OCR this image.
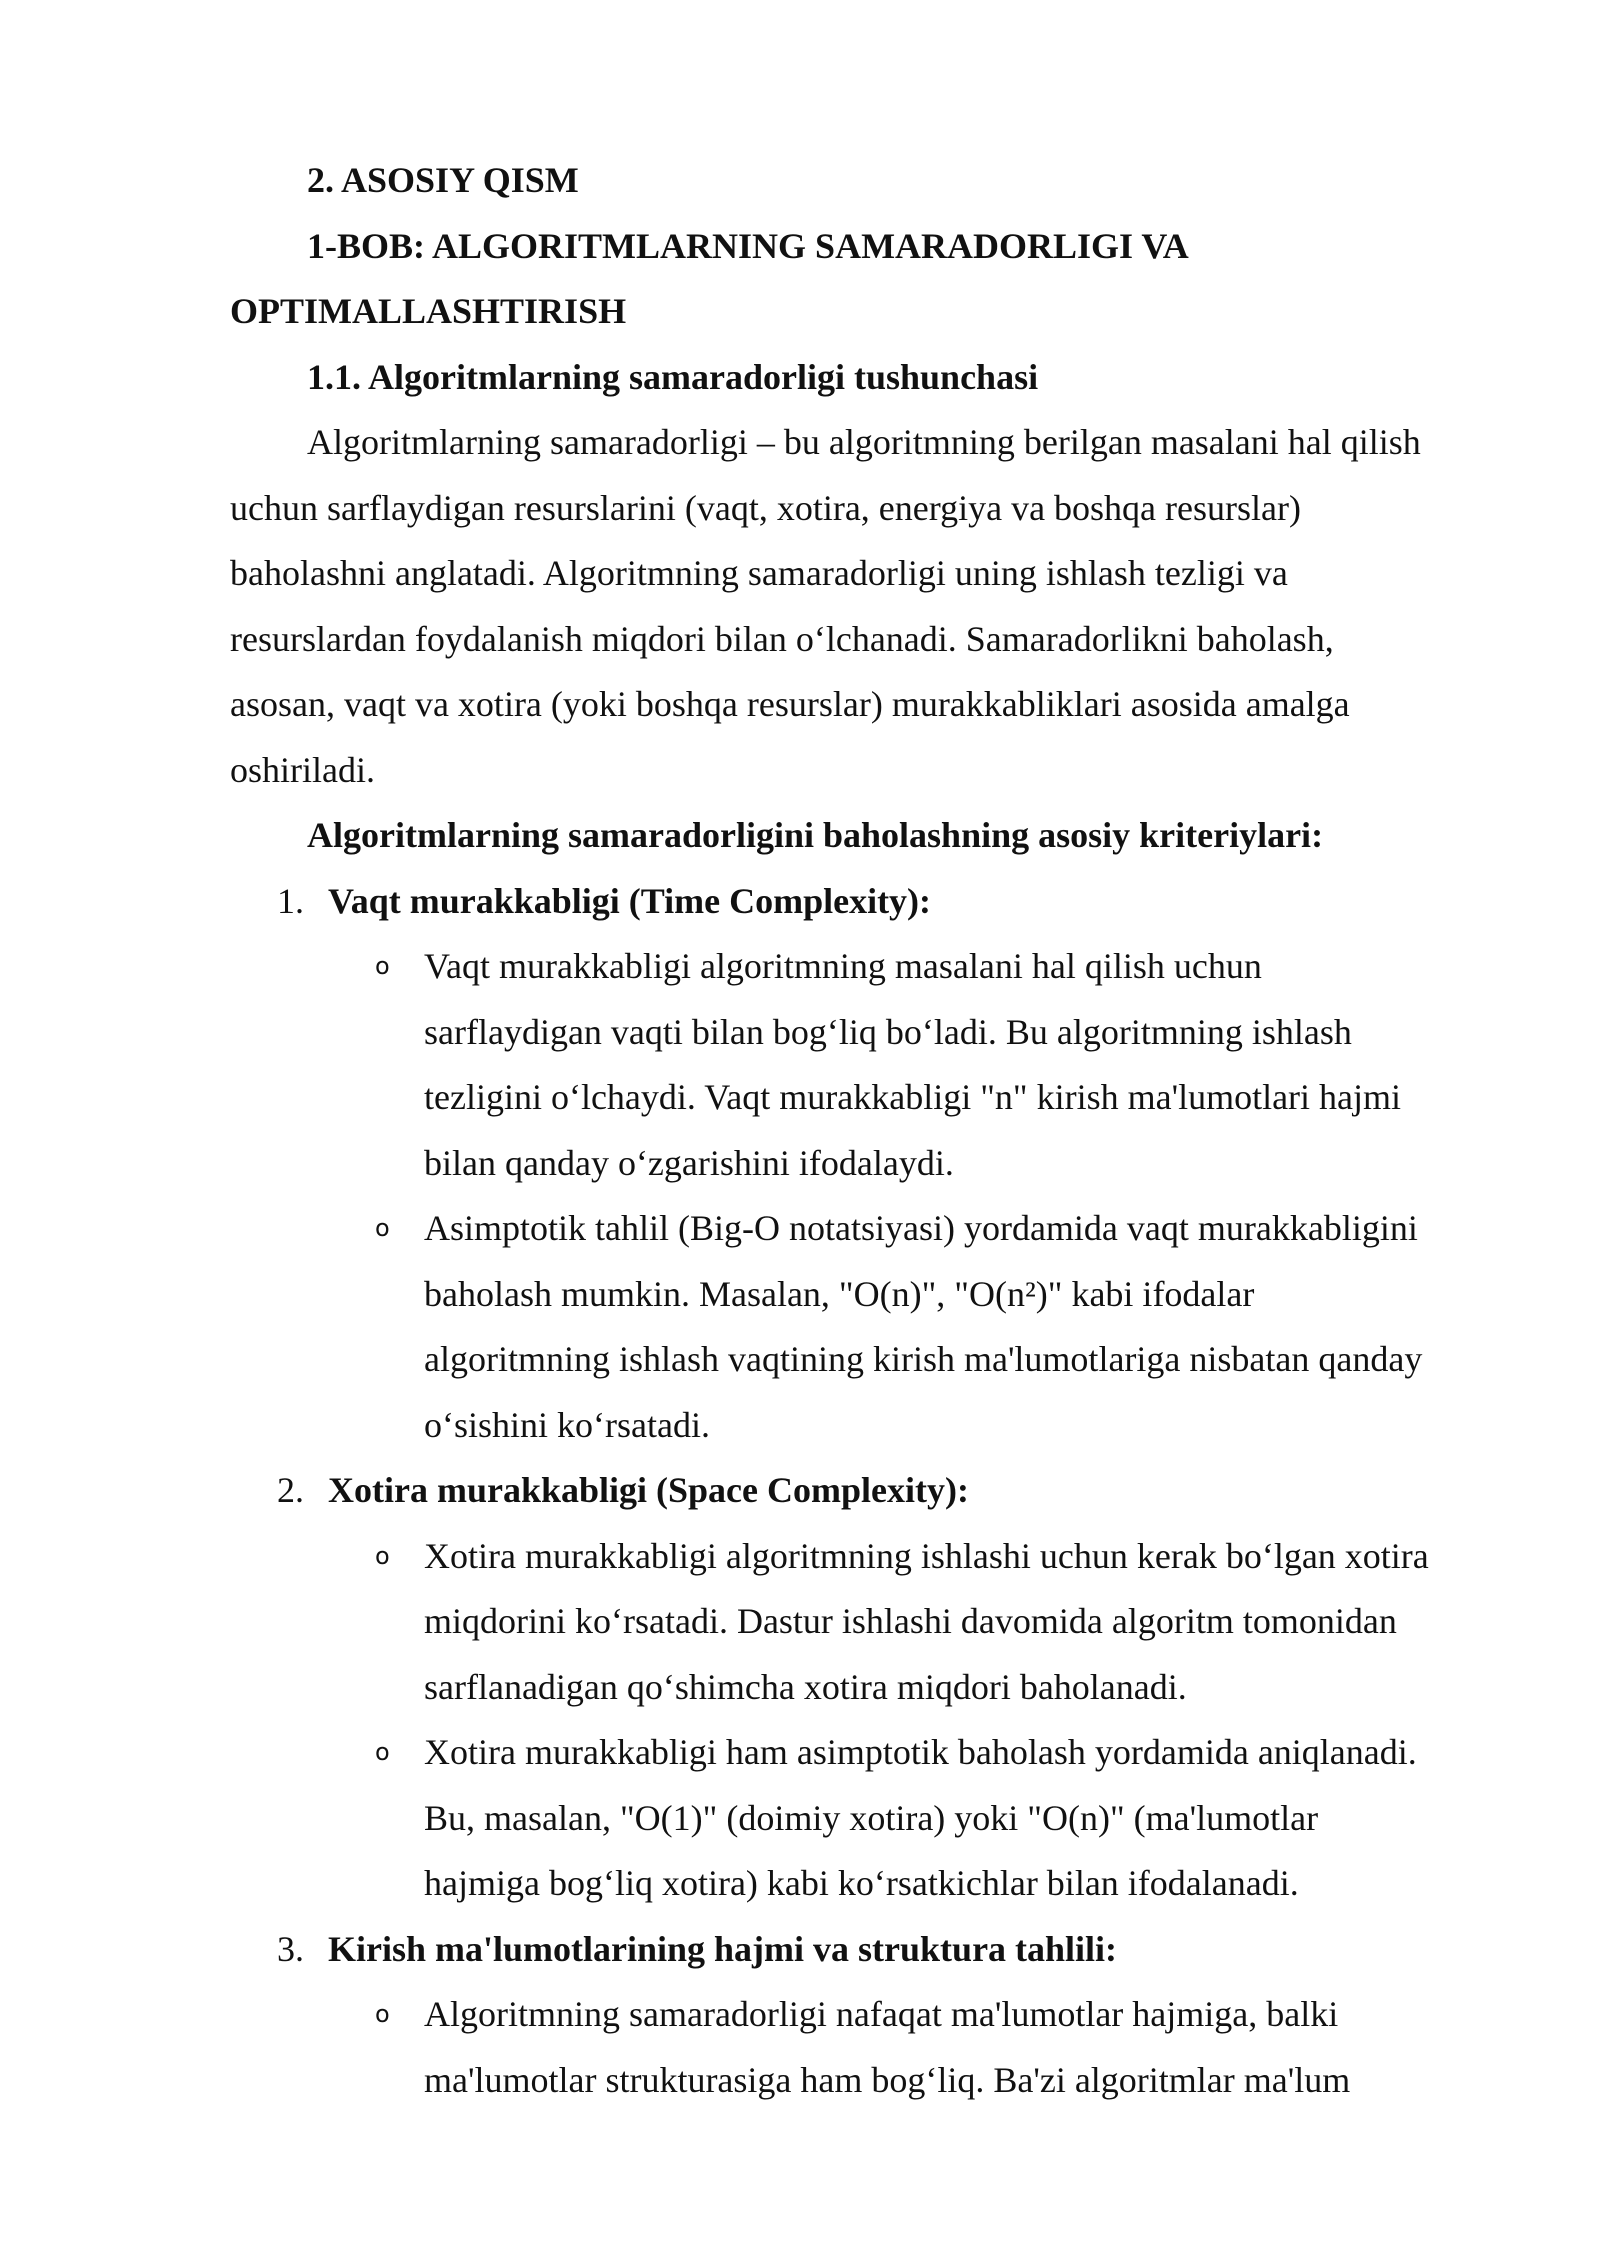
2. ASOSIY QISM
1-BOB: ALGORITMLARNING SAMARADORLIGI VA
OPTIMALLASHTIRISH
1.1. Algoritmlarning samaradorligi tushunchasi
Algoritmlarning samaradorligi – bu algoritmning berilgan masalani hal qilish
uchun sarflaydigan resurslarini (vaqt, xotira, energiya va boshqa resurslar)
baholashni anglatadi. Algoritmning samaradorligi uning ishlash tezligi va
resurslardan foydalanish miqdori bilan o‘lchanadi. Samaradorlikni baholash,
asosan, vaqt va xotira (yoki boshqa resurslar) murakkabliklari asosida amalga
oshiriladi.
Algoritmlarning samaradorligini baholashning asosiy kriteriylari:
1. Vaqt murakkabligi (Time Complexity):
o Vaqt murakkabligi algoritmning masalani hal qilish uchun
sarflaydigan vaqti bilan bog‘liq bo‘ladi. Bu algoritmning ishlash
tezligini o‘lchaydi. Vaqt murakkabligi "n" kirish ma'lumotlari hajmi
bilan qanday o‘zgarishini ifodalaydi.
o Asimptotik tahlil (Big-O notatsiyasi) yordamida vaqt murakkabligini
baholash mumkin. Masalan, "O(n)", "O(n²)" kabi ifodalar
algoritmning ishlash vaqtining kirish ma'lumotlariga nisbatan qanday
o‘sishini ko‘rsatadi.
2. Xotira murakkabligi (Space Complexity):
o Xotira murakkabligi algoritmning ishlashi uchun kerak bo‘lgan xotira
miqdorini ko‘rsatadi. Dastur ishlashi davomida algoritm tomonidan
sarflanadigan qo‘shimcha xotira miqdori baholanadi.
o Xotira murakkabligi ham asimptotik baholash yordamida aniqlanadi.
Bu, masalan, "O(1)" (doimiy xotira) yoki "O(n)" (ma'lumotlar
hajmiga bog‘liq xotira) kabi ko‘rsatkichlar bilan ifodalanadi.
3. Kirish ma'lumotlarining hajmi va struktura tahlili:
o Algoritmning samaradorligi nafaqat ma'lumotlar hajmiga, balki
ma'lumotlar strukturasiga ham bog‘liq. Ba'zi algoritmlar ma'lum
